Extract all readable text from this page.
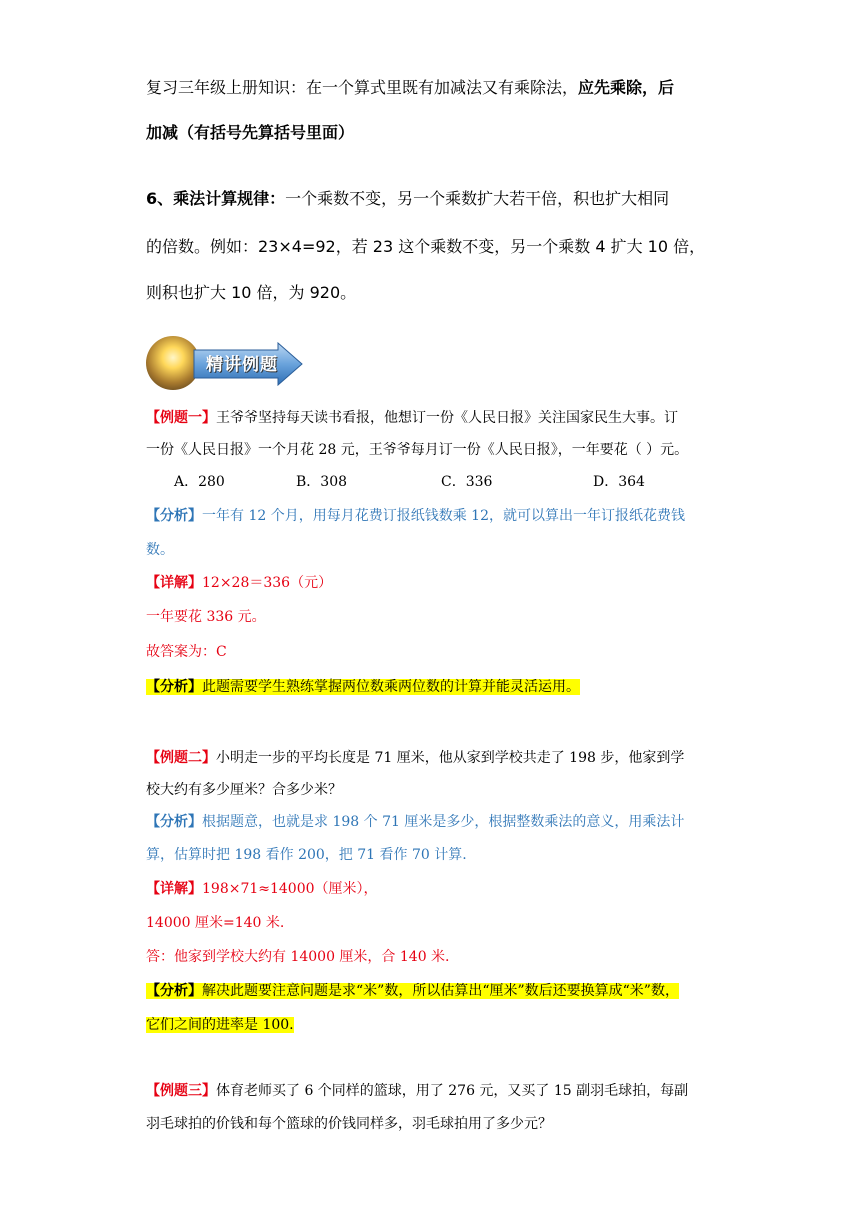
复习三年级上册知识：在一个算式里既有加减法又有乘除法，应先乘除，后
加减（有括号先算括号里面）
6、乘法计算规律：一个乘数不变，另一个乘数扩大若干倍，积也扩大相同
的倍数。例如：23×4=92，若 23 这个乘数不变，另一个乘数 4 扩大 10 倍，
则积也扩大 10 倍，为 920。
精讲例题
【例题一】王爷爷坚持每天读书看报，他想订一份《人民日报》关注国家民生大事。订
一份《人民日报》一个月花 28 元，王爷爷每月订一份《人民日报》，一年要花（ ）元。
A．280	B．308	C．336	D．364
【分析】一年有 12 个月，用每月花费订报纸钱数乘 12，就可以算出一年订报纸花费钱
数。
【详解】12×28＝336（元）
一年要花 336 元。
故答案为：C
【分析】此题需要学生熟练掌握两位数乘两位数的计算并能灵活运用。
【例题二】小明走一步的平均长度是 71 厘米，他从家到学校共走了 198 步，他家到学
校大约有多少厘米？合多少米？
【分析】根据题意，也就是求 198 个 71 厘米是多少，根据整数乘法的意义，用乘法计
算，估算时把 198 看作 200，把 71 看作 70 计算.
【详解】198×71≈14000（厘米），
14000 厘米=140 米.
答：他家到学校大约有 14000 厘米，合 140 米.
【分析】解决此题要注意问题是求“米”数，所以估算出“厘米”数后还要换算成“米”数，
它们之间的进率是 100.
【例题三】体育老师买了 6 个同样的篮球，用了 276 元，又买了 15 副羽毛球拍，每副
羽毛球拍的价钱和每个篮球的价钱同样多，羽毛球拍用了多少元？
